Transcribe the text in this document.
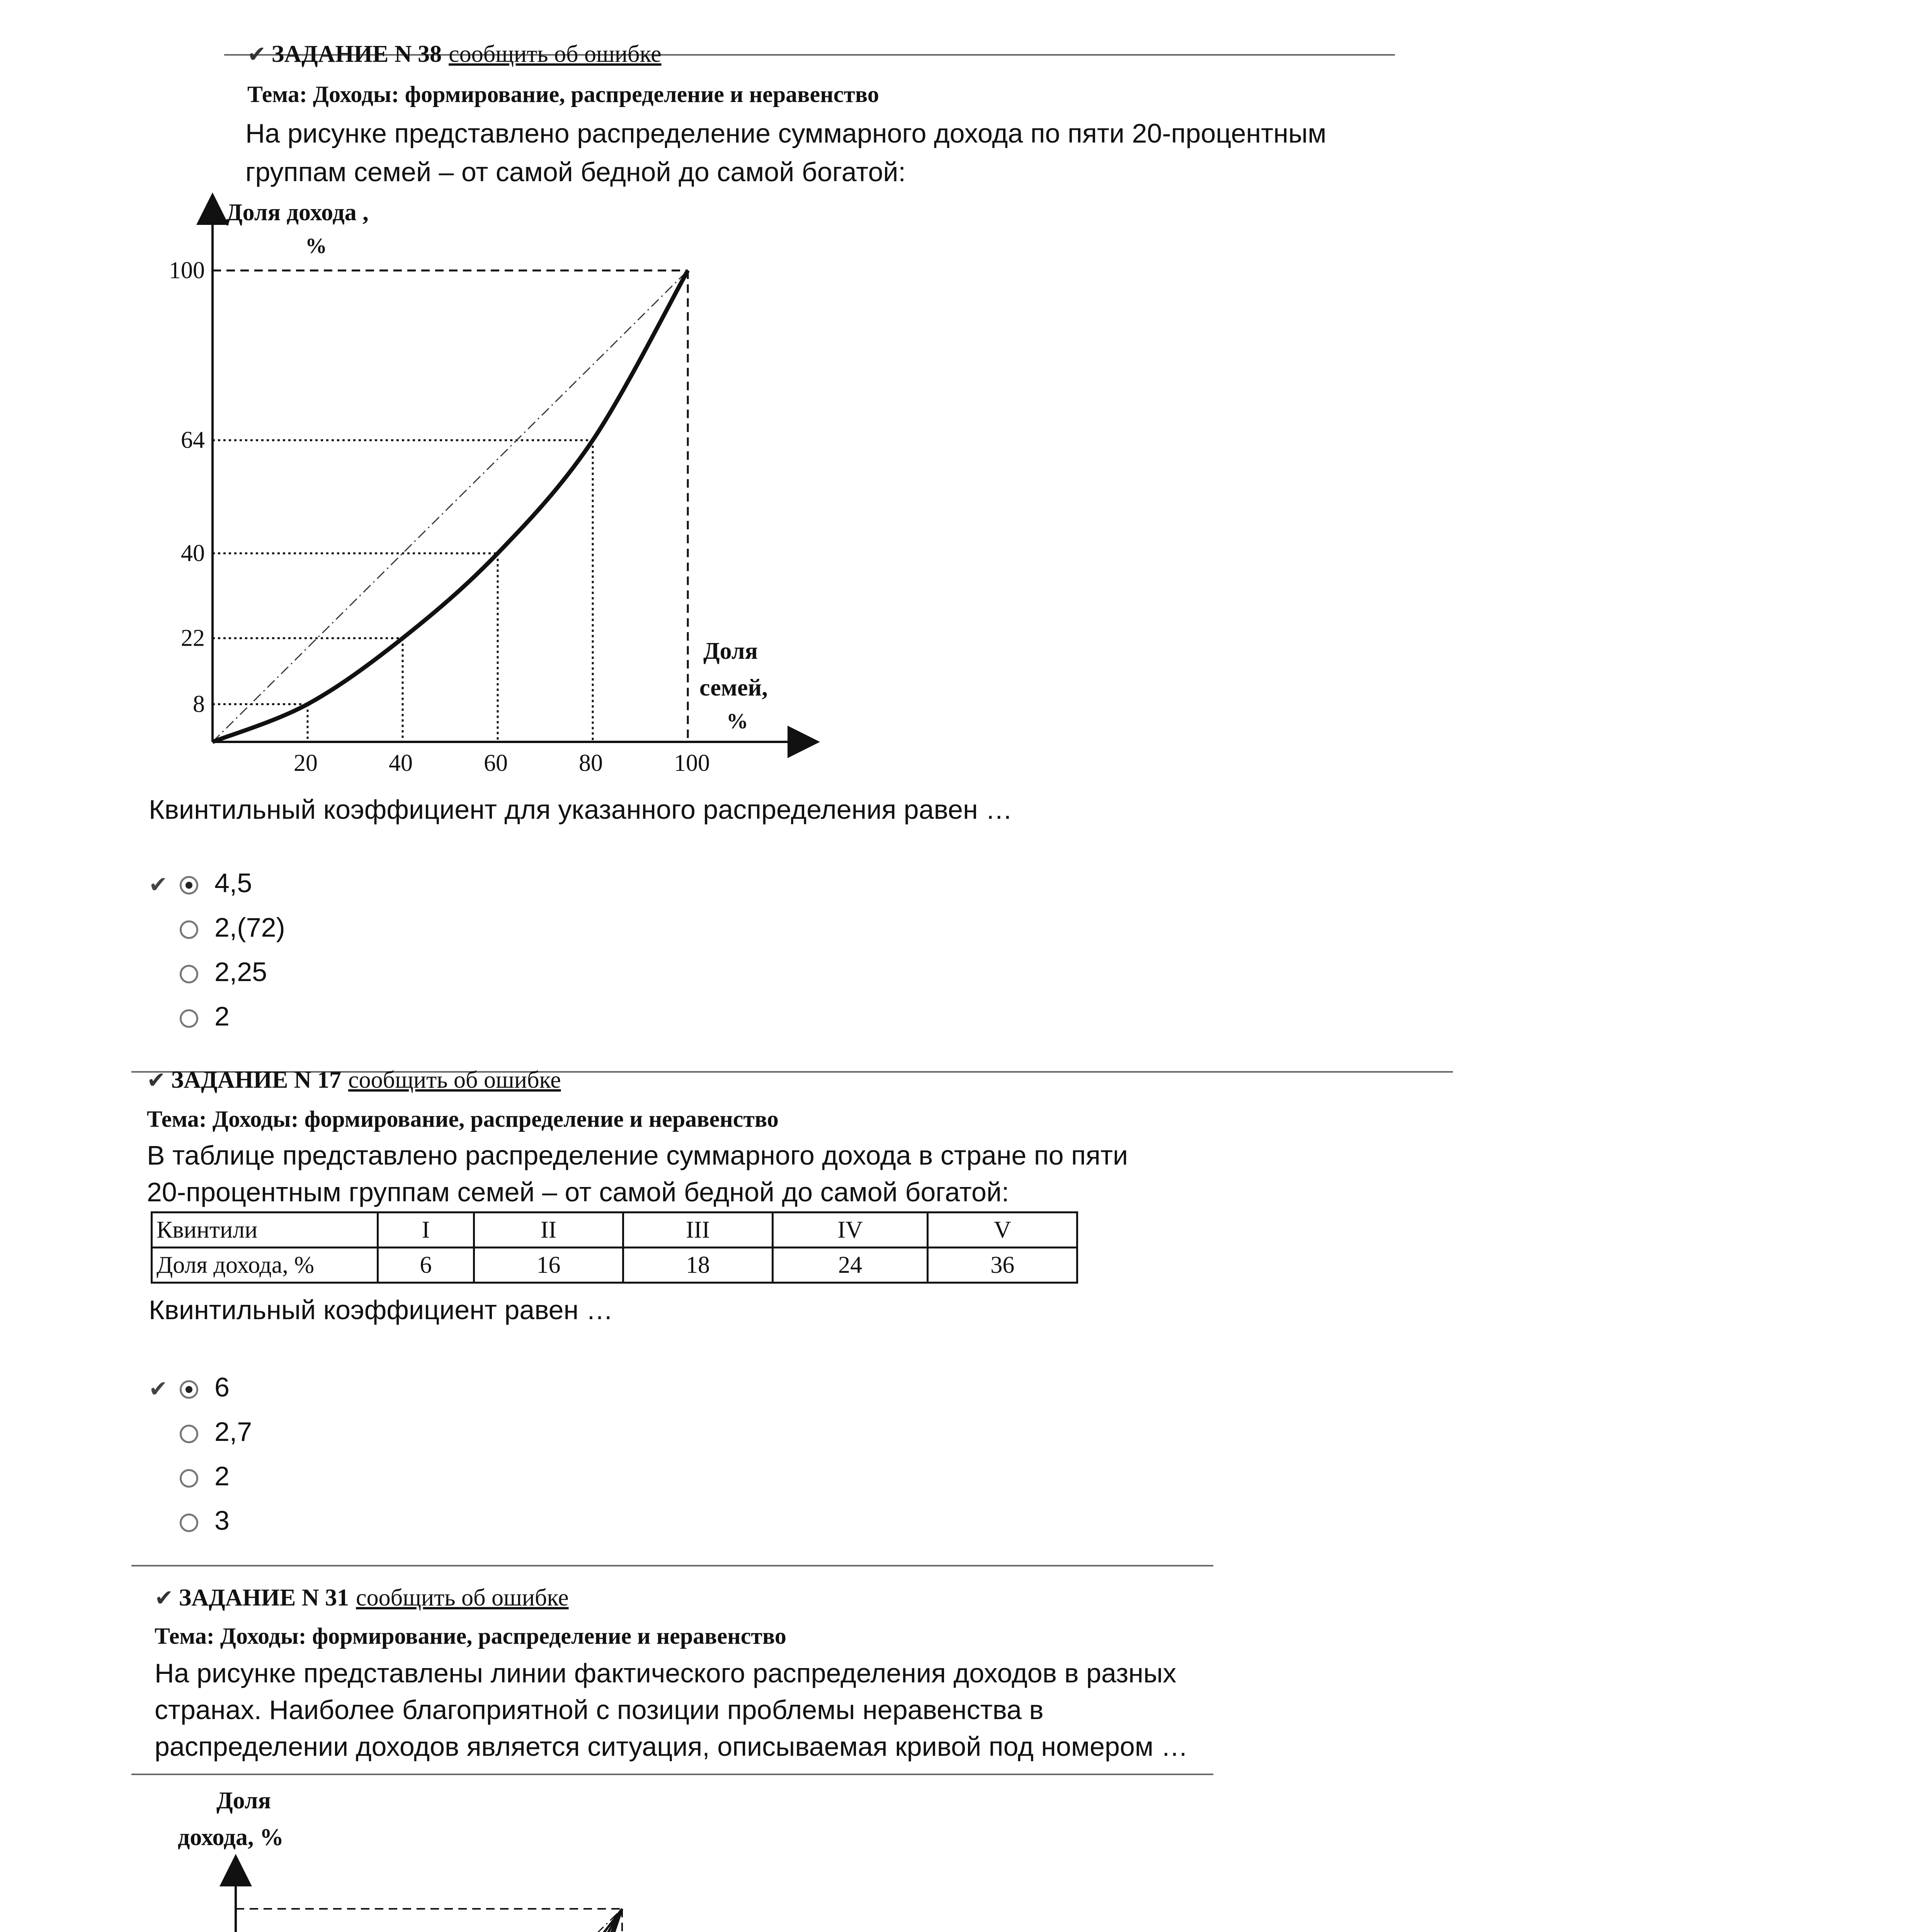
✔ ЗАДАНИЕ N 38 сообщить об ошибке
Тема: Доходы: формирование, распределение и неравенство
На рисунке представлено распределение суммарного дохода по пяти 20-процентным группам семей – от самой бедной до самой богатой:
20	40	60	80	100
8
22
40
64
100
Доля дохода ,
%
Доля
семей,
%
Квинтильный коэффициент для указанного распределения равен …
✔ 4,5
2,(72)
2,25
2
✔ ЗАДАНИЕ N 17 сообщить об ошибке
Тема: Доходы: формирование, распределение и неравенство
В таблице представлено распределение суммарного дохода в стране по пяти
20-процентным группам семей – от самой бедной до самой богатой:
Квинтили	I	II	III	IV	V
Доля дохода, %	6	16	18	24	36
Квинтильный коэффициент равен …
✔ 6
2,7
2
3
✔ ЗАДАНИЕ N 31 сообщить об ошибке
Тема: Доходы: формирование, распределение и неравенство
На рисунке представлены линии фактического распределения доходов в разных
странах. Наиболее благоприятной с позиции проблемы неравенства в
распределении доходов является ситуация, описываемая кривой под номером …
Доля
дохода, %
